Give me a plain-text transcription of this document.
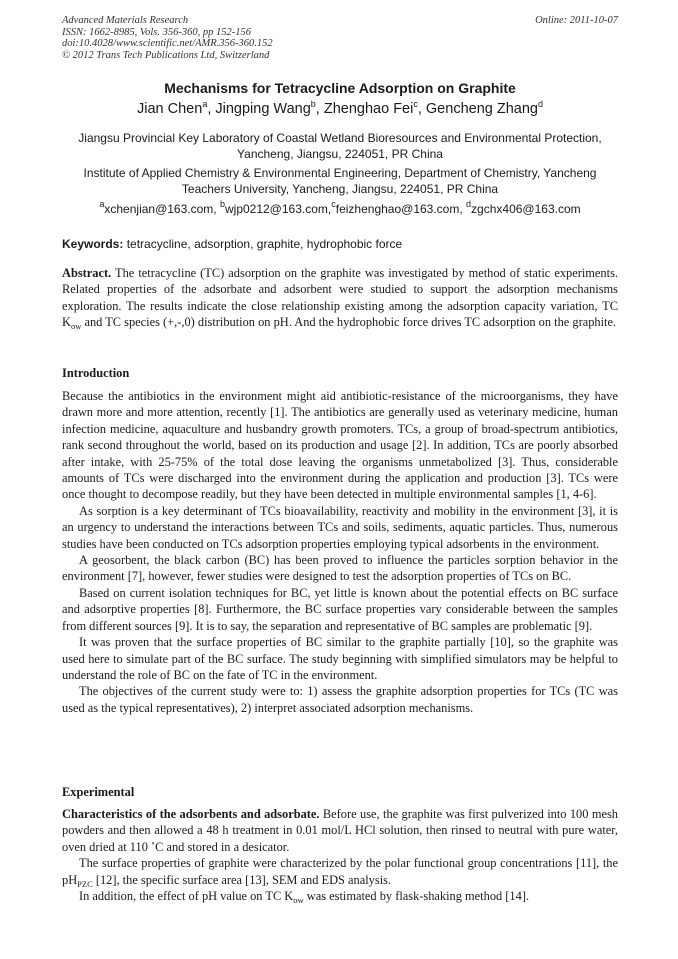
Advanced Materials Research
ISSN: 1662-8985, Vols. 356-360, pp 152-156
doi:10.4028/www.scientific.net/AMR.356-360.152
© 2012 Trans Tech Publications Ltd, Switzerland
Online: 2011-10-07
Mechanisms for Tetracycline Adsorption on Graphite
Jian Chen$^a$, Jingping Wang$^b$, Zhenghao Fei$^c$, Gencheng Zhang$^d$
Jiangsu Provincial Key Laboratory of Coastal Wetland Bioresources and Environmental Protection, Yancheng, Jiangsu, 224051, PR China
Institute of Applied Chemistry & Environmental Engineering, Department of Chemistry, Yancheng Teachers University, Yancheng, Jiangsu, 224051, PR China
$^a$xchenjian@163.com, $^b$wjp0212@163.com,$^c$feizhenghao@163.com, $^d$zgchx406@163.com
Keywords: tetracycline, adsorption, graphite, hydrophobic force
Abstract. The tetracycline (TC) adsorption on the graphite was investigated by method of static experiments. Related properties of the adsorbate and adsorbent were studied to support the adsorption mechanisms exploration. The results indicate the close relationship existing among the adsorption capacity variation, TC $K_{ow}$ and TC species (+,-,0) distribution on pH. And the hydrophobic force drives TC adsorption on the graphite.
Introduction

Because the antibiotics in the environment might aid antibiotic-resistance of the microorganisms, they have drawn more and more attention, recently [1]. The antibiotics are generally used as veterinary medicine, human infection medicine, aquaculture and husbandry growth promoters. TCs, a group of broad-spectrum antibiotics, rank second throughout the world, based on its production and usage [2]. In addition, TCs are poorly absorbed after intake, with 25-75% of the total dose leaving the organisms unmetabolized [3]. Thus, considerable amounts of TCs were discharged into the environment during the application and production [3]. TCs were once thought to decompose readily, but they have been detected in multiple environmental samples [1, 4-6].

As sorption is a key determinant of TCs bioavailability, reactivity and mobility in the environment [3], it is an urgency to understand the interactions between TCs and soils, sediments, aquatic particles. Thus, numerous studies have been conducted on TCs adsorption properties employing typical adsorbents in the environment.

A geosorbent, the black carbon (BC) has been proved to influence the particles sorption behavior in the environment [7], however, fewer studies were designed to test the adsorption properties of TCs on BC.

Based on current isolation techniques for BC, yet little is known about the potential effects on BC surface and adsorptive properties [8]. Furthermore, the BC surface properties vary considerable between the samples from different sources [9]. It is to say, the separation and representative of BC samples are problematic [9].

It was proven that the surface properties of BC similar to the graphite partially [10], so the graphite was used here to simulate part of the BC surface. The study beginning with simplified simulators may be helpful to understand the role of BC on the fate of TC in the environment.

The objectives of the current study were to: 1) assess the graphite adsorption properties for TCs (TC was used as the typical representatives), 2) interpret associated adsorption mechanisms.

Experimental

Characteristics of the adsorbents and adsorbate. Before use, the graphite was first pulverized into 100 mesh powders and then allowed a 48 h treatment in 0.01 mol/L HCl solution, then rinsed to neutral with pure water, oven dried at 110 ˚C and stored in a desicator.

The surface properties of graphite were characterized by the polar functional group concentrations [11], the $pH_{PZC}$ [12], the specific surface area [13], SEM and EDS analysis.

In addition, the effect of pH value on TC $K_{ow}$ was estimated by flask-shaking method [14].
